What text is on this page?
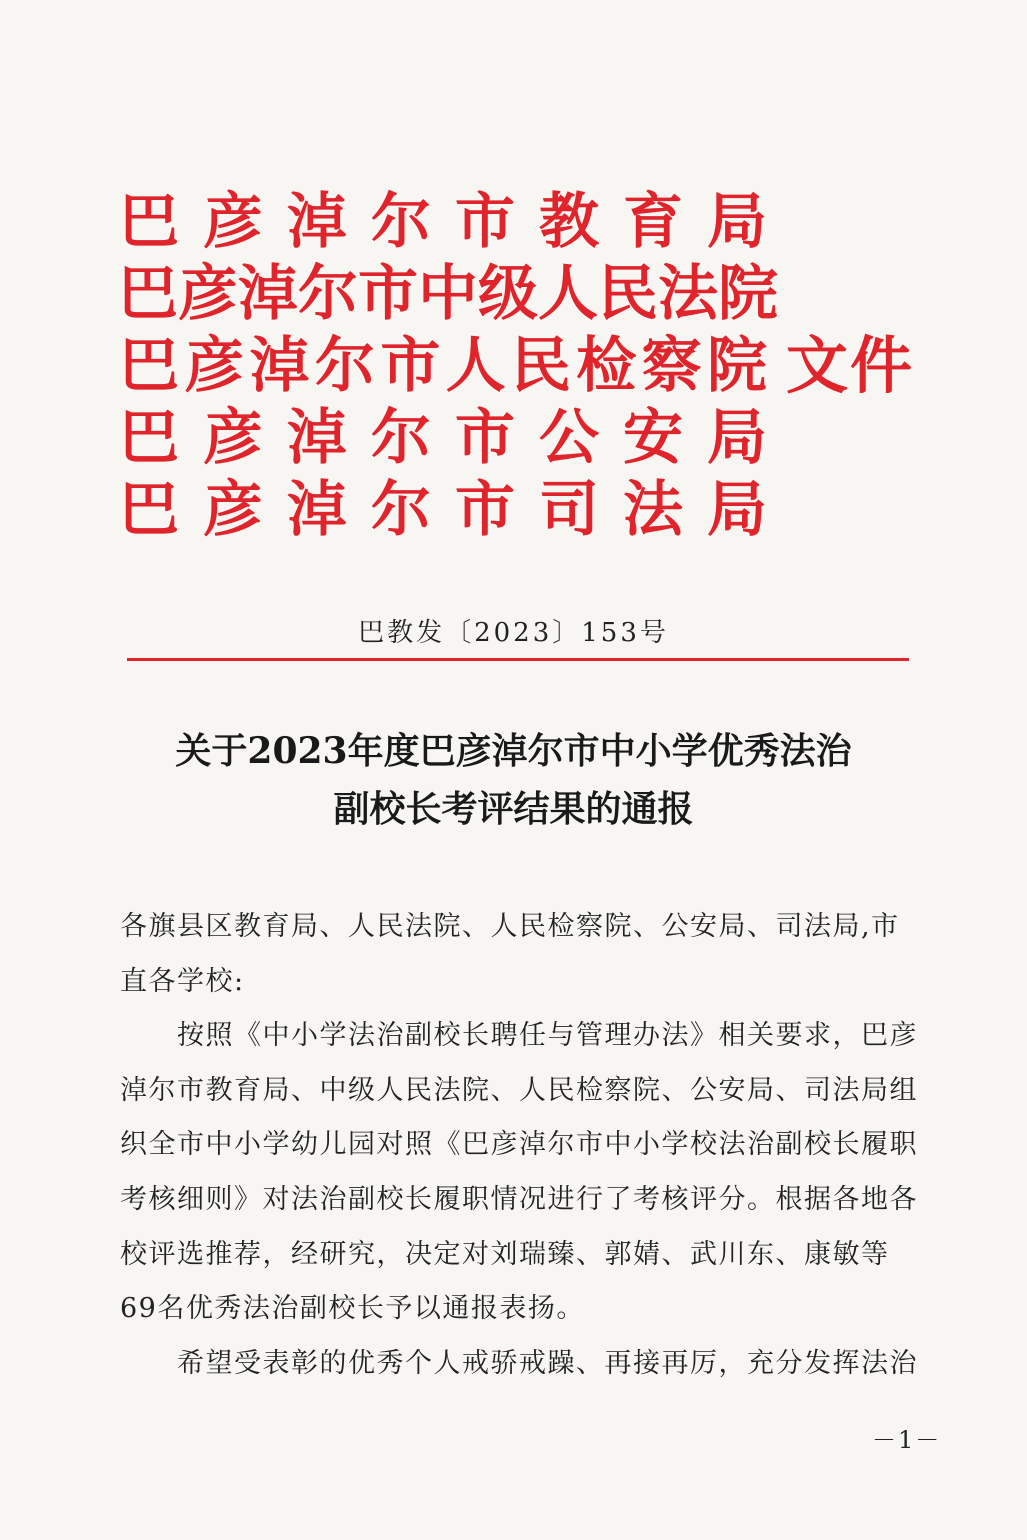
巴 彦 淖 尔 市 教 育 局
巴 彦 淖 尔 市 中 级 人 民 法 院
巴 彦 淖 尔 市 人 民 检 察 院
巴 彦 淖 尔 市 公 安 局
巴 彦 淖 尔 市 司 法 局
文件
巴教发〔2023〕153号
关于2023年度巴彦淖尔市中小学优秀法治
副校长考评结果的通报
各旗县区教育局、人民法院、人民检察院、公安局、司法局,市
直各学校:
　　按照《中小学法治副校长聘任与管理办法》相关要求，巴彦
淖尔市教育局、中级人民法院、人民检察院、公安局、司法局组
织全市中小学幼儿园对照《巴彦淖尔市中小学校法治副校长履职
考核细则》对法治副校长履职情况进行了考核评分。根据各地各
校评选推荐，经研究，决定对刘瑞臻、郭婧、武川东、康敏等
69名优秀法治副校长予以通报表扬。
　　希望受表彰的优秀个人戒骄戒躁、再接再厉，充分发挥法治
－1－
